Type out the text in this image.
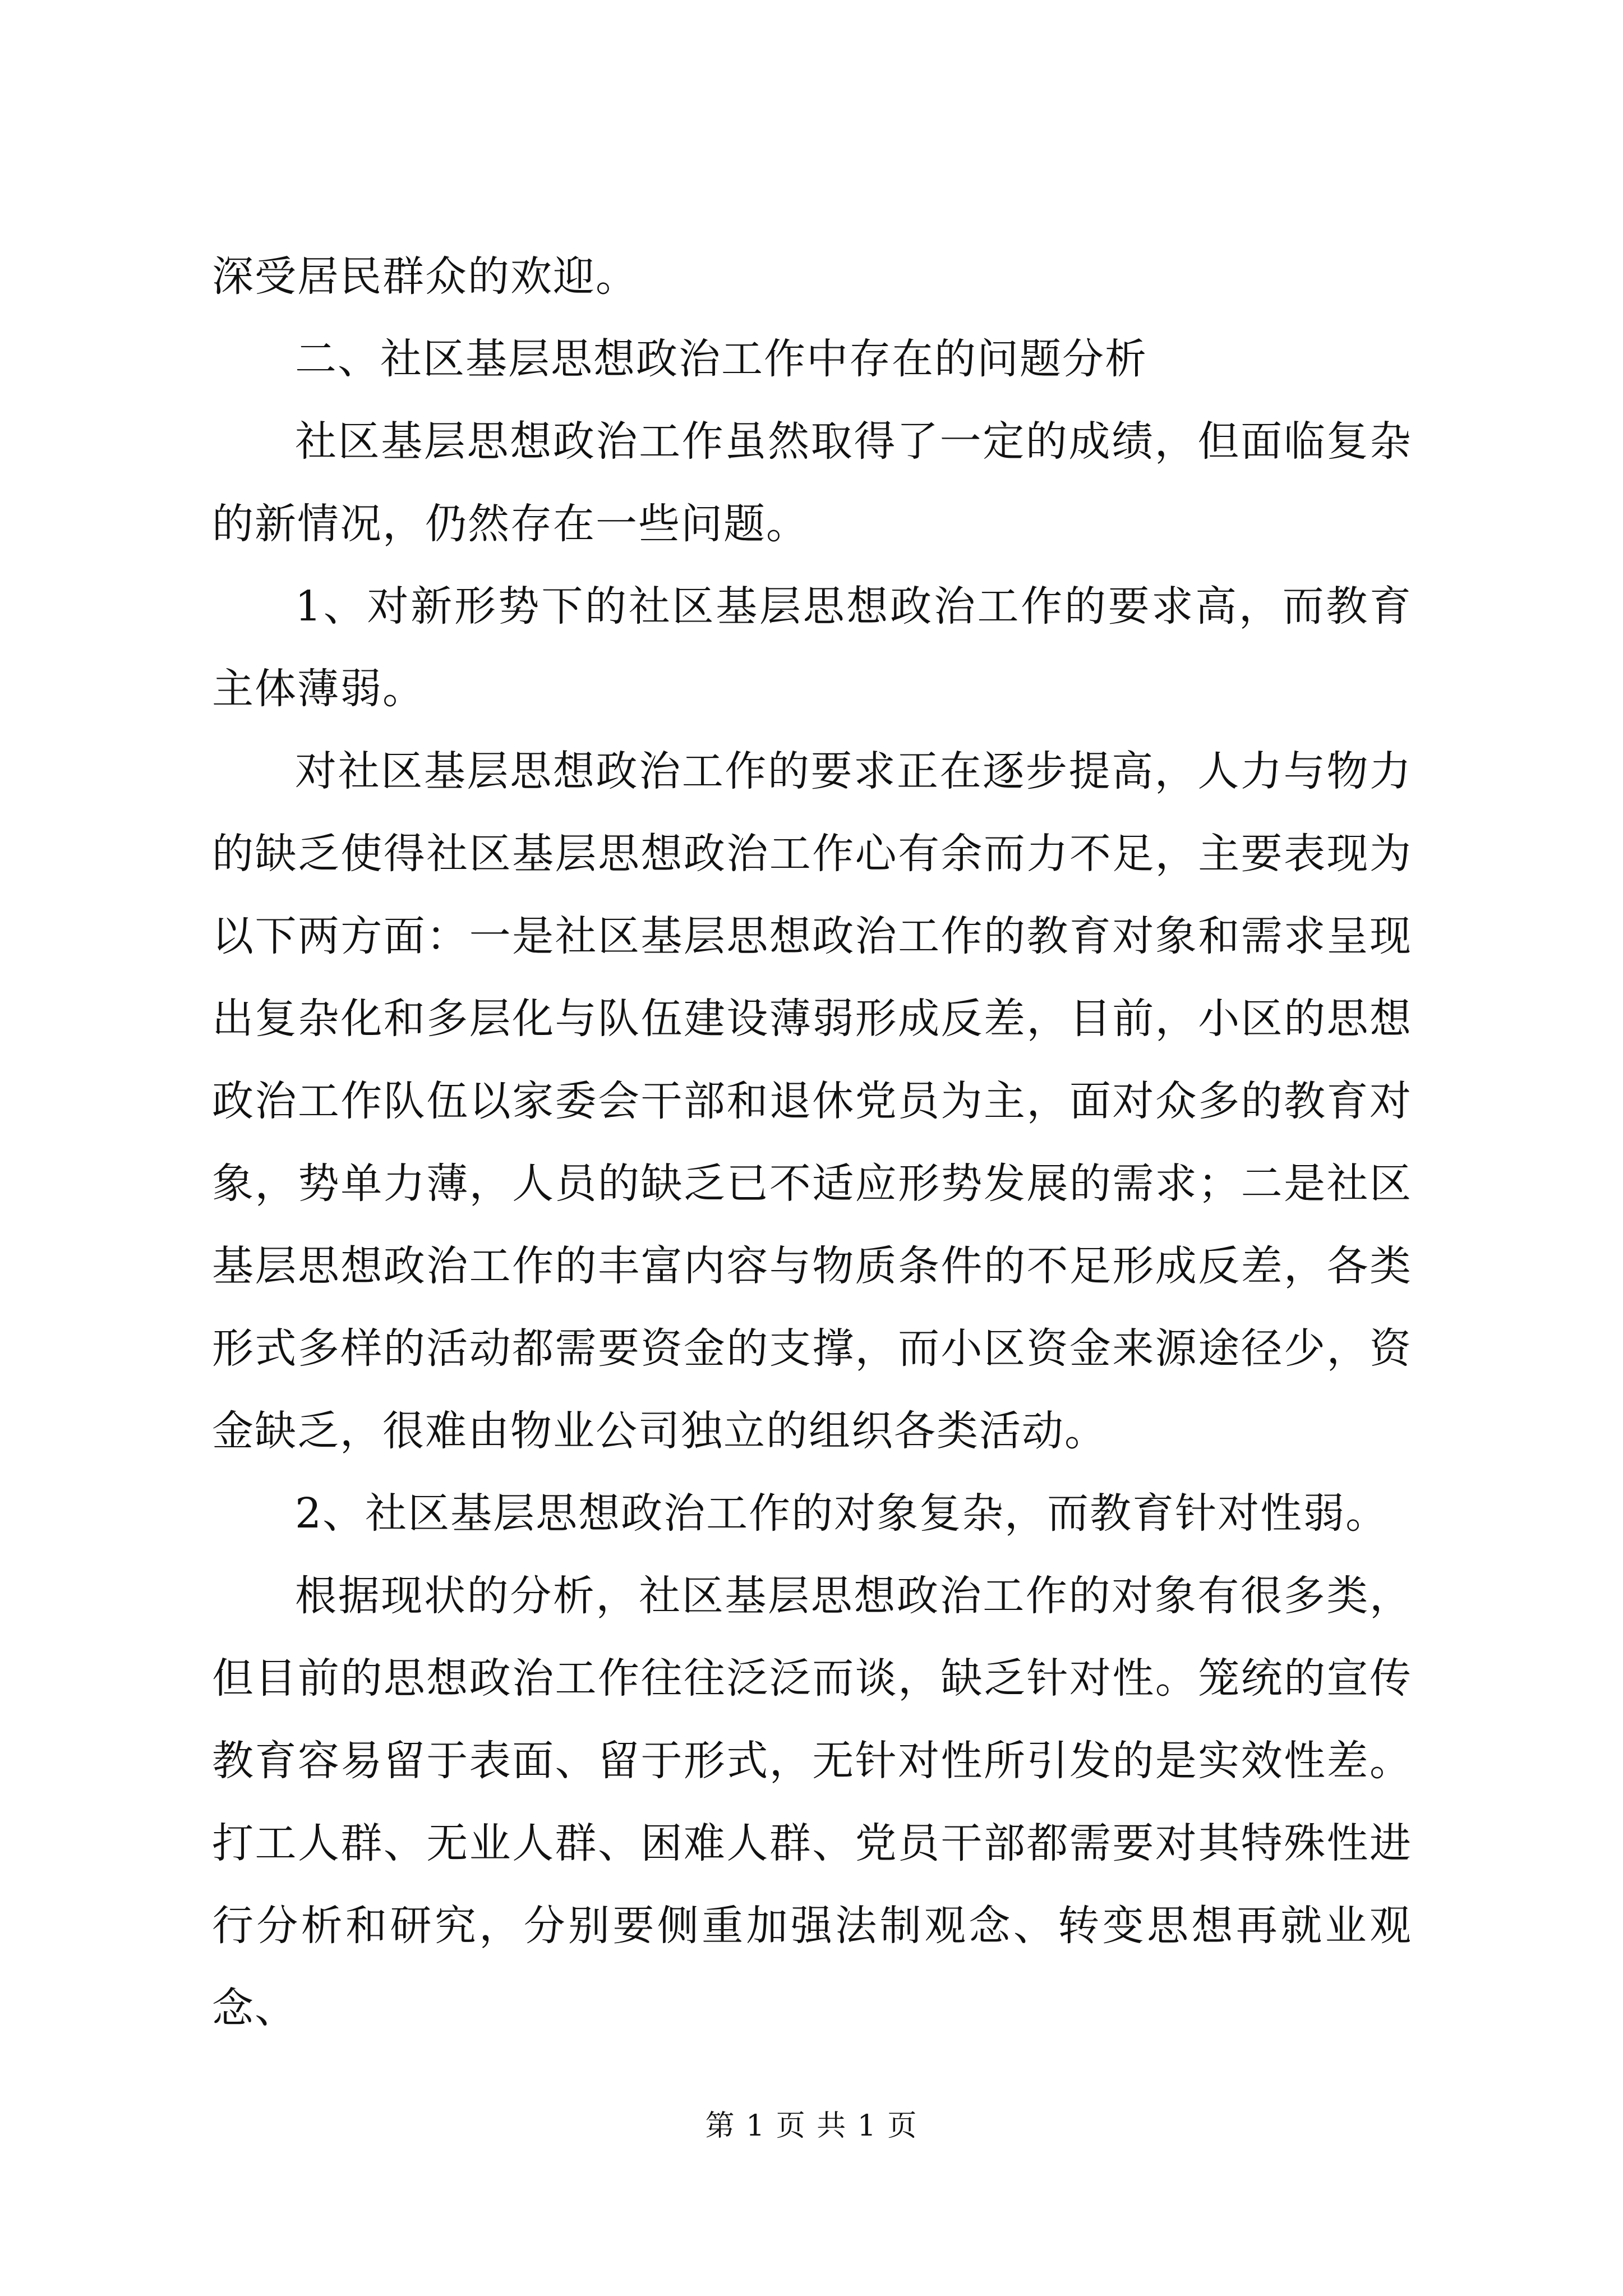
深受居民群众的欢迎。

二、社区基层思想政治工作中存在的问题分析

社区基层思想政治工作虽然取得了一定的成绩，但面临复杂的新情况，仍然存在一些问题。

1、对新形势下的社区基层思想政治工作的要求高，而教育主体薄弱。

对社区基层思想政治工作的要求正在逐步提高，人力与物力的缺乏使得社区基层思想政治工作心有余而力不足，主要表现为以下两方面：一是社区基层思想政治工作的教育对象和需求呈现出复杂化和多层化与队伍建设薄弱形成反差，目前，小区的思想政治工作队伍以家委会干部和退休党员为主，面对众多的教育对象，势单力薄，人员的缺乏已不适应形势发展的需求；二是社区基层思想政治工作的丰富内容与物质条件的不足形成反差，各类形式多样的活动都需要资金的支撑，而小区资金来源途径少，资金缺乏，很难由物业公司独立的组织各类活动。

2、社区基层思想政治工作的对象复杂，而教育针对性弱。

根据现状的分析，社区基层思想政治工作的对象有很多类，但目前的思想政治工作往往泛泛而谈，缺乏针对性。笼统的宣传教育容易留于表面、留于形式，无针对性所引发的是实效性差。打工人群、无业人群、困难人群、党员干部都需要对其特殊性进行分析和研究，分别要侧重加强法制观念、转变思想再就业观念、

第 1 页 共 1 页
